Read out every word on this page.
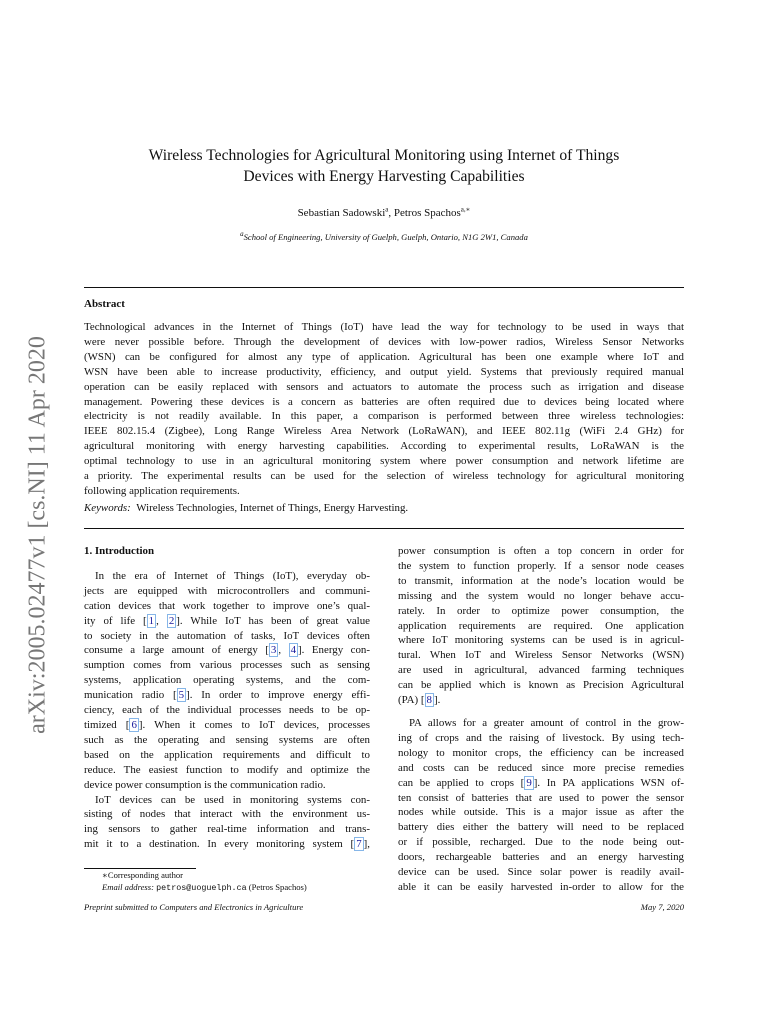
arXiv:2005.02477v1 [cs.NI] 11 Apr 2020
Wireless Technologies for Agricultural Monitoring using Internet of Things
Devices with Energy Harvesting Capabilities
Sebastian Sadowski$^a$, Petros Spachos$^{a,∗}$
$^a$School of Engineering, University of Guelph, Guelph, Ontario, N1G 2W1, Canada
Abstract
Technological advances in the Internet of Things (IoT) have lead the way for technology to be used in ways that
were never possible before. Through the development of devices with low-power radios, Wireless Sensor Networks
(WSN) can be configured for almost any type of application. Agricultural has been one example where IoT and
WSN have been able to increase productivity, efficiency, and output yield. Systems that previously required manual
operation can be easily replaced with sensors and actuators to automate the process such as irrigation and disease
management. Powering these devices is a concern as batteries are often required due to devices being located where
electricity is not readily available. In this paper, a comparison is performed between three wireless technologies:
IEEE 802.15.4 (Zigbee), Long Range Wireless Area Network (LoRaWAN), and IEEE 802.11g (WiFi 2.4 GHz) for
agricultural monitoring with energy harvesting capabilities. According to experimental results, LoRaWAN is the
optimal technology to use in an agricultural monitoring system where power consumption and network lifetime are
a priority. The experimental results can be used for the selection of wireless technology for agricultural monitoring
following application requirements.
Keywords: Wireless Technologies, Internet of Things, Energy Harvesting.
1. Introduction
In the era of Internet of Things (IoT), everyday ob-
jects are equipped with microcontrollers and communi-
cation devices that work together to improve one’s qual-
ity of life [ 1 , 2 ]. While IoT has been of great value
to society in the automation of tasks, IoT devices often
consume a large amount of energy [ 3 , 4 ]. Energy con-
sumption comes from various processes such as sensing
systems, application operating systems, and the com-
munication radio [ 5 ]. In order to improve energy effi-
ciency, each of the individual processes needs to be op-
timized [ 6 ]. When it comes to IoT devices, processes
such as the operating and sensing systems are often
based on the application requirements and difficult to
reduce. The easiest function to modify and optimize the
device power consumption is the communication radio.
IoT devices can be used in monitoring systems con-
sisting of nodes that interact with the environment us-
ing sensors to gather real-time information and trans-
mit it to a destination. In every monitoring system [ 7 ],
power consumption is often a top concern in order for
the system to function properly. If a sensor node ceases
to transmit, information at the node’s location would be
missing and the system would no longer behave accu-
rately. In order to optimize power consumption, the
application requirements are required. One application
where IoT monitoring systems can be used is in agricul-
tural. When IoT and Wireless Sensor Networks (WSN)
are used in agricultural, advanced farming techniques
can be applied which is known as Precision Agricultural
(PA) [ 8 ].
PA allows for a greater amount of control in the grow-
ing of crops and the raising of livestock. By using tech-
nology to monitor crops, the efficiency can be increased
and costs can be reduced since more precise remedies
can be applied to crops [ 9 ]. In PA applications WSN of-
ten consist of batteries that are used to power the sensor
nodes while outside. This is a major issue as after the
battery dies either the battery will need to be replaced
or if possible, recharged. Due to the node being out-
doors, rechargeable batteries and an energy harvesting
device can be used. Since solar power is readily avail-
able it can be easily harvested in-order to allow for the
∗Corresponding author
Email address: petros@uoguelph.ca (Petros Spachos)
Preprint submitted to Computers and Electronics in Agriculture	May 7, 2020
